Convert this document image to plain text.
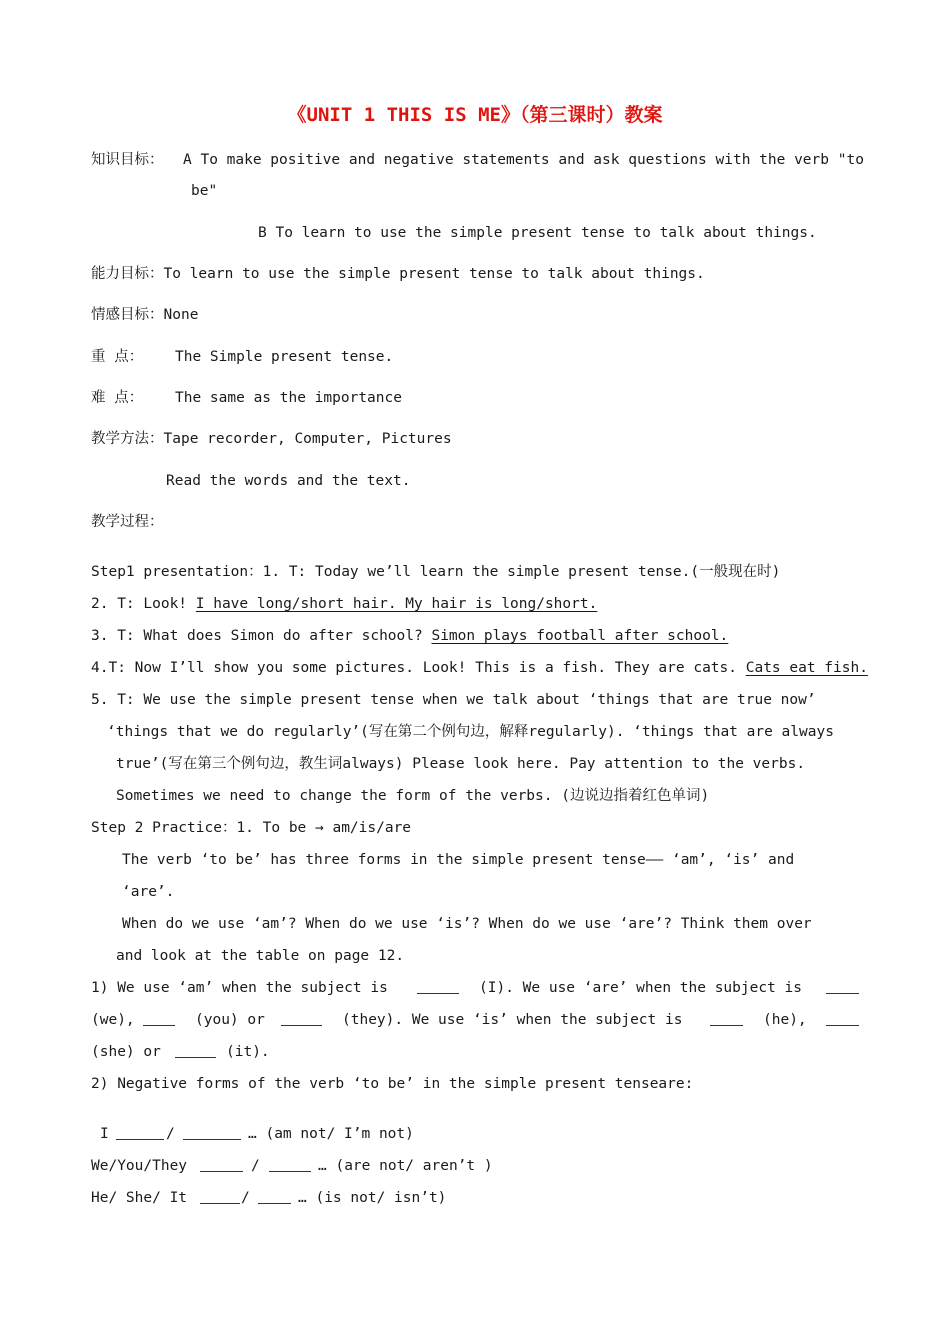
《UNIT 1 THIS IS ME》（第三课时）教案
知识目标： A To make positive and negative statements and ask questions with the verb "to
be"
B To learn to use the simple present tense to talk about things.
能力目标：To learn to use the simple present tense to talk about things.
情感目标：None
重 点： The Simple present tense.
难 点： The same as the importance
教学方法：Tape recorder, Computer, Pictures
Read the words and the text.
教学过程：
Step1 presentation：1. T: Today we’ll learn the simple present tense.(一般现在时)
2. T: Look! I have long/short hair. My hair is long/short.
3. T: What does Simon do after school? Simon plays football after school.
4.T: Now I’ll show you some pictures. Look! This is a fish. They are cats. Cats eat fish.
5. T: We use the simple present tense when we talk about ‘things that are true now’
‘things that we do regularly’(写在第二个例句边，解释regularly). ‘things that are always
true’(写在第三个例句边，教生词always) Please look here. Pay attention to the verbs.
Sometimes we need to change the form of the verbs. (边说边指着红色单词)
Step 2 Practice：1. To be → am/is/are
The verb ‘to be’ has three forms in the simple present tense—— ‘am’, ‘is’ and
‘are’.
When do we use ‘am’? When do we use ‘is’? When do we use ‘are’? Think them over
and look at the table on page 12.
1) We use ‘am’ when the subject is	(I). We use ‘are’ when the subject is
(we),	(you) or	(they). We use ‘is’ when the subject is	(he),
(she) or	(it).
2) Negative forms of the verb ‘to be’ in the simple present tenseare:
I	/	… (am not/ I’m not)
We/You/They	/	… (are not/ aren’t )
He/ She/ It	/	… (is not/ isn’t)
